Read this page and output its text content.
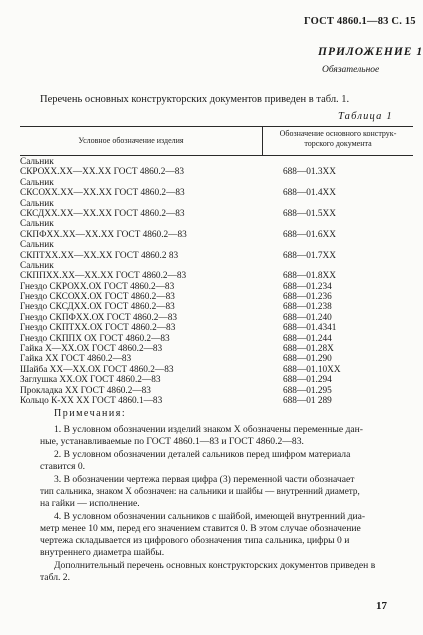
ГОСТ 4860.1—83 С. 15
ПРИЛОЖЕНИЕ 1
Обязательное
Перечень основных конструкторских документов приведен в табл. 1.
Таблица 1
Условное обозначение изделия
Обозначение основного конструк-
торского документа
Сальник
СКРОХХ.ХХ—ХХ.ХХ ГОСТ 4860.2—83	688—01.3ХХ
Сальник
СКСОХХ.ХХ—ХХ.ХХ ГОСТ 4860.2—83	688—01.4ХХ
Сальник
СКСДХХ.ХХ—ХХ.ХХ ГОСТ 4860.2—83	688—01.5ХХ
Сальник
СКПФХХ.ХХ—ХХ.ХХ ГОСТ 4860.2—83	688—01.6ХХ
Сальник
СКПТХХ.ХХ—ХХ.ХХ ГОСТ 4860.2 83	688—01.7ХХ
Сальник
СКППХХ.ХХ—ХХ.ХХ ГОСТ 4860.2—83	688—01.8ХХ
Гнездо СКРОХХ.ОХ ГОСТ 4860.2—83	688—01.234
Гнездо СКСОХХ.ОХ ГОСТ 4860.2—83	688—01.236
Гнездо СКСДХХ.ОХ ГОСТ 4860.2—83	688—01.238
Гнездо СКПФХХ.ОХ ГОСТ 4860.2—83	688—01.240
Гнездо СКПТХХ.ОХ ГОСТ 4860.2—83	688—01.4341
Гнездо СКППХ ОХ ГОСТ 4860.2—83	688—01.244
Гайка Х—ХХ.ОХ ГОСТ 4860.2—83	688—01.28Х
Гайка ХХ ГОСТ 4860.2—83	688—01.290
Шайба ХХ—ХХ.ОХ ГОСТ 4860.2—83	688—01.10ХХ
Заглушка ХХ.ОХ ГОСТ 4860.2—83	688—01.294
Прокладка ХХ ГОСТ 4860.2—83	688—01.295
Кольцо К-ХХ ХХ ГОСТ 4860.1—83	688—01 289
Примечания:
1. В условном обозначении изделий знаком Х обозначены переменные дан-
ные, устанавливаемые по ГОСТ 4860.1—83 и ГОСТ 4860.2—83.
2. В условном обозначении деталей сальников перед шифром материала
ставится 0.
3. В обозначении чертежа первая цифра (3) переменной части обозначает
тип сальника, знаком Х обозначен: на сальники и шайбы — внутренний диаметр,
на гайки — исполнение.
4. В условном обозначении сальников с шайбой, имеющей внутренний диа-
метр менее 10 мм, перед его значением ставится 0. В этом случае обозначение
чертежа складывается из цифрового обозначения типа сальника, цифры 0 и
внутреннего диаметра шайбы.
Дополнительный перечень основных конструкторских документов приведен в
табл. 2.
17
